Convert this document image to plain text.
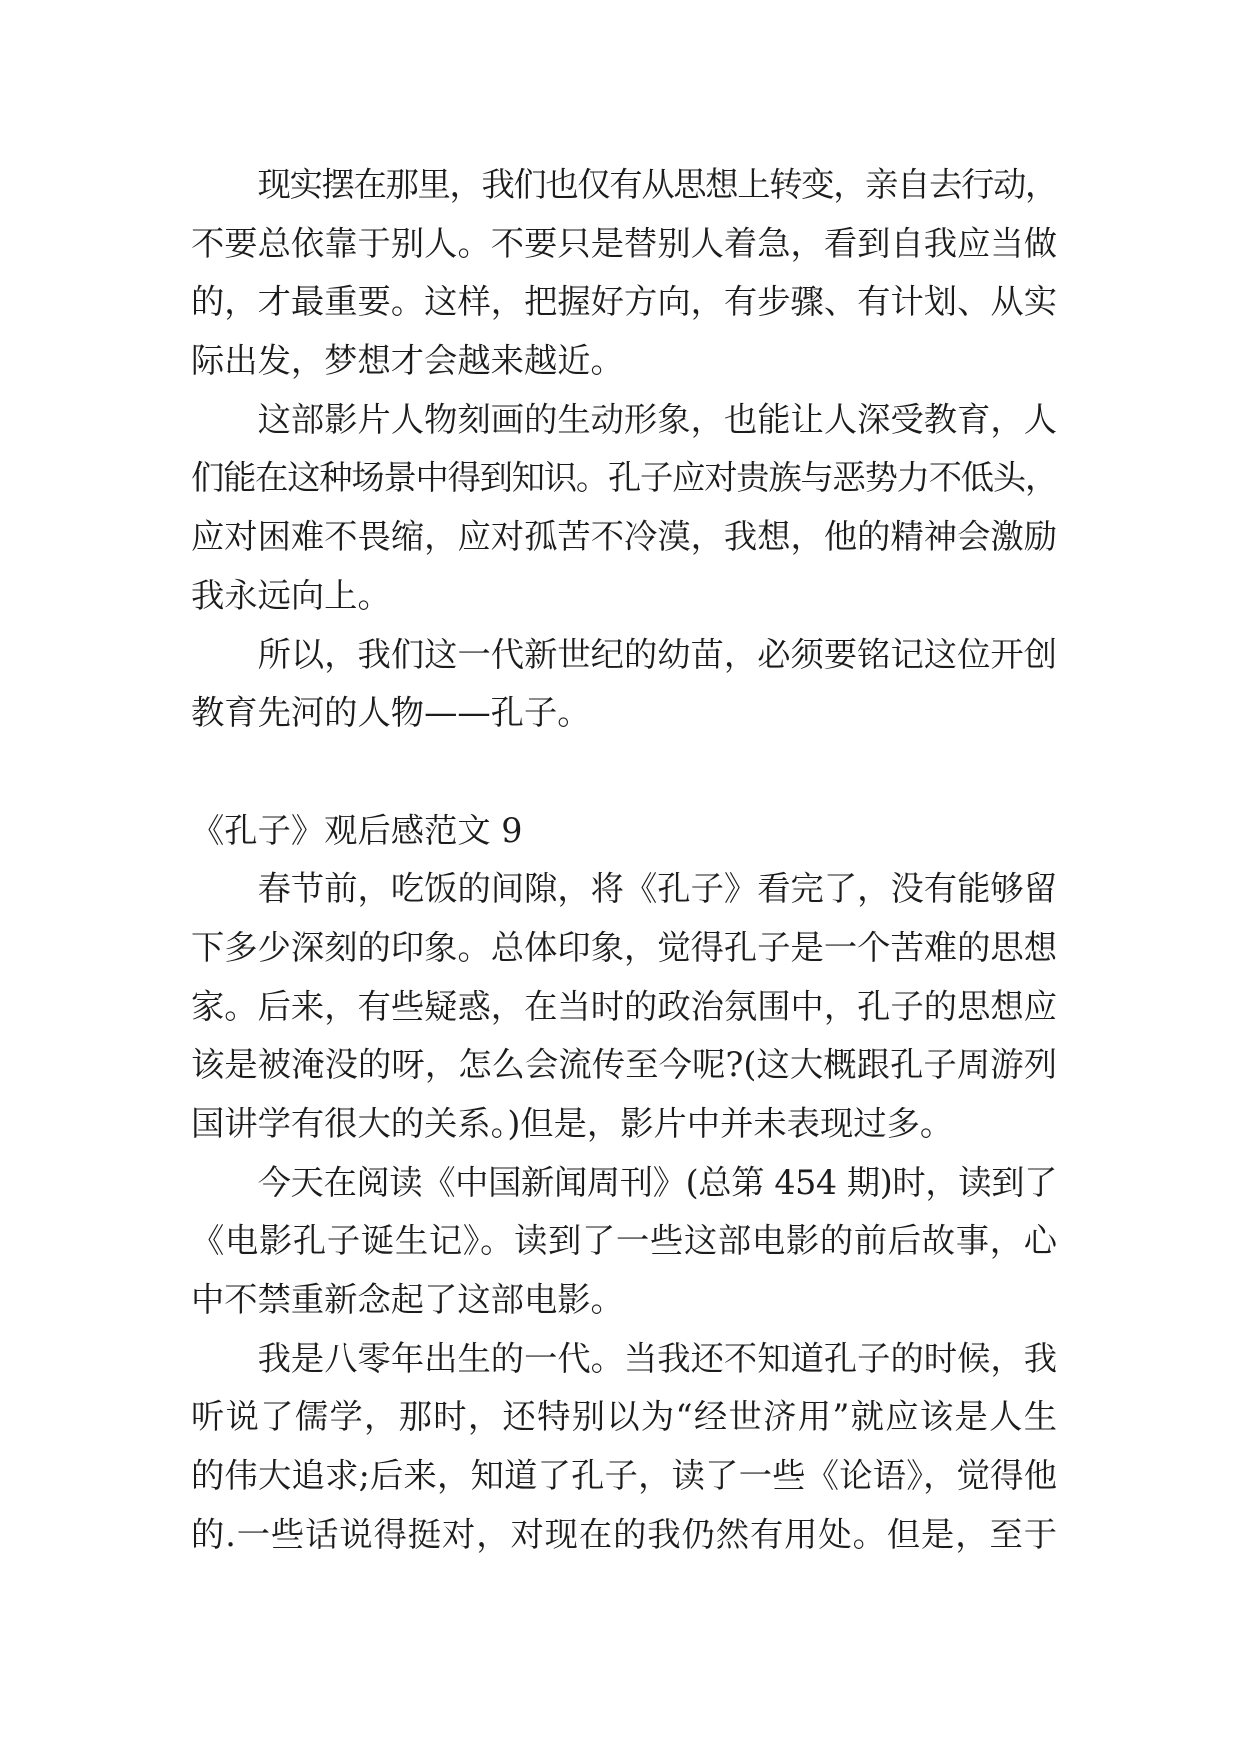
现实摆在那里，我们也仅有从思想上转变，亲自去行动，
不要总依靠于别人。不要只是替别人着急，看到自我应当做
的，才最重要。这样，把握好方向，有步骤、有计划、从实
际出发，梦想才会越来越近。
这部影片人物刻画的生动形象，也能让人深受教育，人
们能在这种场景中得到知识。孔子应对贵族与恶势力不低头，
应对困难不畏缩，应对孤苦不冷漠，我想，他的精神会激励
我永远向上。
所以，我们这一代新世纪的幼苗，必须要铭记这位开创
教育先河的人物——孔子。
《孔子》观后感范文 9
春节前，吃饭的间隙，将《孔子》看完了，没有能够留
下多少深刻的印象。总体印象，觉得孔子是一个苦难的思想
家。后来，有些疑惑，在当时的政治氛围中，孔子的思想应
该是被淹没的呀，怎么会流传至今呢?(这大概跟孔子周游列
国讲学有很大的关系。)但是，影片中并未表现过多。
今天在阅读《中国新闻周刊》(总第 454 期)时，读到了
《电影孔子诞生记》。读到了一些这部电影的前后故事，心
中不禁重新念起了这部电影。
我是八零年出生的一代。当我还不知道孔子的时候，我
听说了儒学，那时，还特别以为“经世济用”就应该是人生
的伟大追求;后来，知道了孔子，读了一些《论语》，觉得他
的.一些话说得挺对，对现在的我仍然有用处。但是，至于
